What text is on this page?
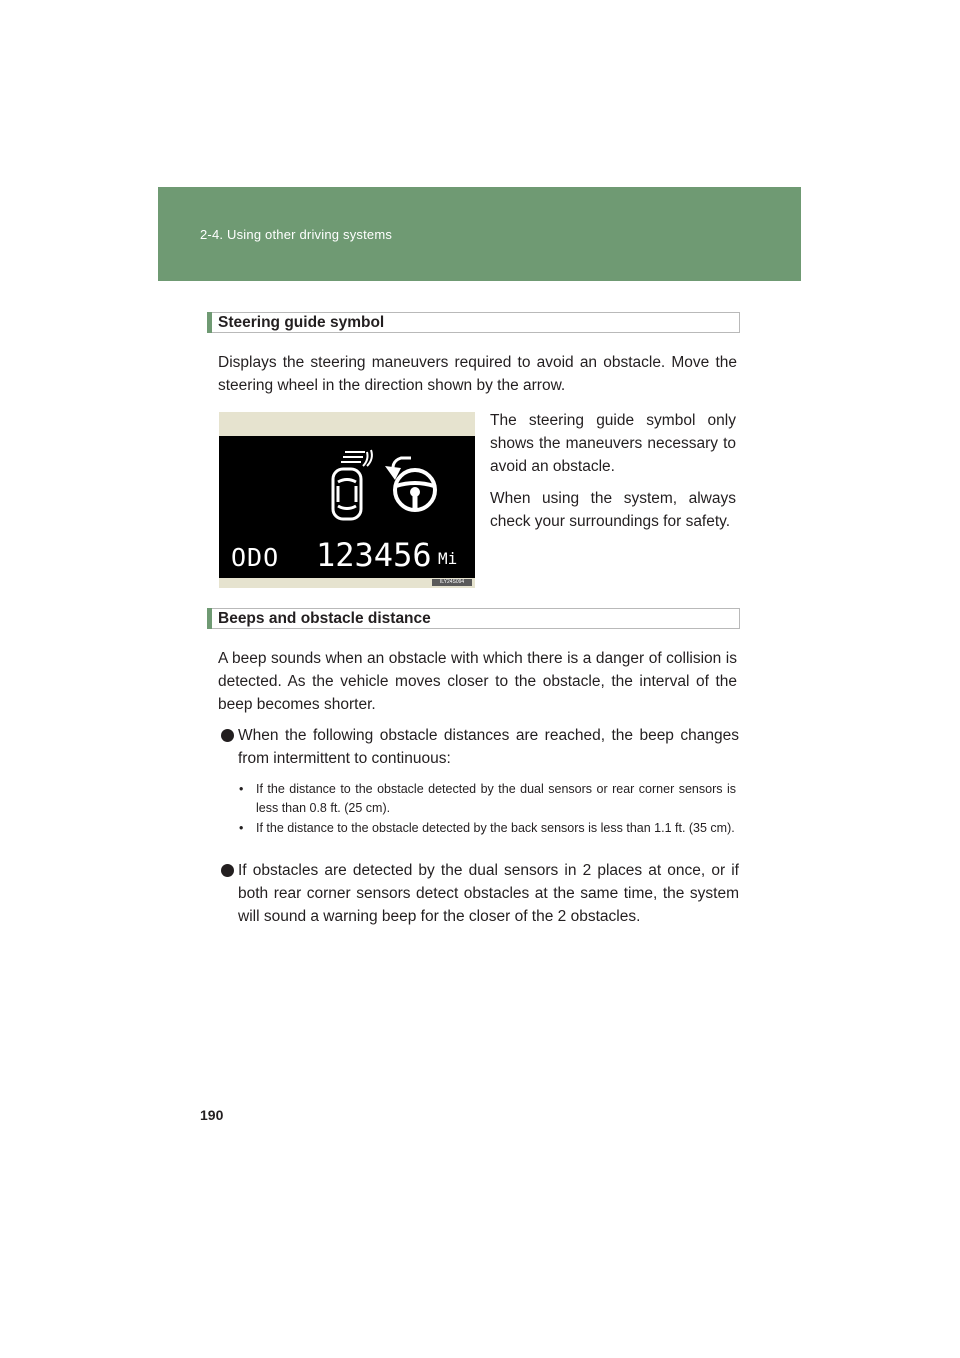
2-4. Using other driving systems
Steering guide symbol
Displays the steering maneuvers required to avoid an obstacle. Move the steering wheel in the direction shown by the arrow.
ODO 123456 Mi
ILY24S094
The steering guide symbol only shows the maneuvers necessary to avoid an obstacle.
When using the system, always check your surroundings for safety.
Beeps and obstacle distance
A beep sounds when an obstacle with which there is a danger of collision is detected. As the vehicle moves closer to the obstacle, the interval of the beep becomes shorter.
When the following obstacle distances are reached, the beep changes from intermittent to continuous:
• If the distance to the obstacle detected by the dual sensors or rear corner sensors is less than 0.8 ft. (25 cm).
• If the distance to the obstacle detected by the back sensors is less than 1.1 ft. (35 cm).
If obstacles are detected by the dual sensors in 2 places at once, or if both rear corner sensors detect obstacles at the same time, the system will sound a warning beep for the closer of the 2 obstacles.
190
